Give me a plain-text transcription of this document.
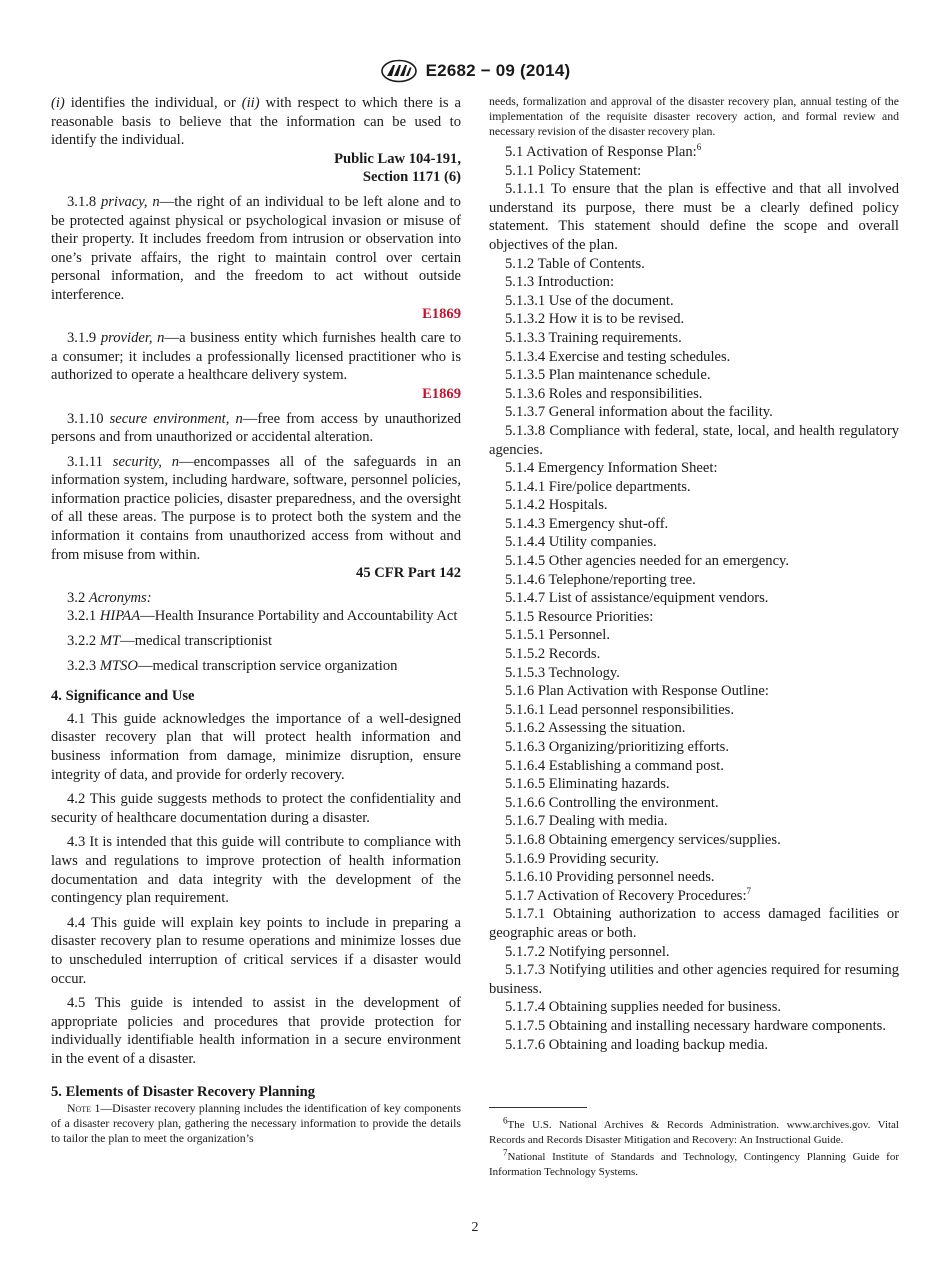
E2682 − 09 (2014)

(i) identifies the individual, or (ii) with respect to which there is a reasonable basis to believe that the information can be used to identify the individual.

Public Law 104-191,
Section 1171 (6)

3.1.8 privacy, n—the right of an individual to be left alone and to be protected against physical or psychological invasion or misuse of their property. It includes freedom from intrusion or observation into one’s private affairs, the right to maintain control over certain personal information, and the freedom to act without outside interference.

E1869

3.1.9 provider, n—a business entity which furnishes health care to a consumer; it includes a professionally licensed practitioner who is authorized to operate a healthcare delivery system.

E1869

3.1.10 secure environment, n—free from access by unauthorized persons and from unauthorized or accidental alteration.

3.1.11 security, n—encompasses all of the safeguards in an information system, including hardware, software, personnel policies, information practice policies, disaster preparedness, and the oversight of all these areas. The purpose is to protect both the system and the information it contains from unauthorized access from without and from misuse from within.

45 CFR Part 142

3.2 Acronyms:

3.2.1 HIPAA—Health Insurance Portability and Accountability Act

3.2.2 MT—medical transcriptionist

3.2.3 MTSO—medical transcription service organization

4. Significance and Use

4.1 This guide acknowledges the importance of a well-designed disaster recovery plan that will protect health information and business information from damage, minimize disruption, ensure integrity of data, and provide for orderly recovery.

4.2 This guide suggests methods to protect the confidentiality and security of healthcare documentation during a disaster.

4.3 It is intended that this guide will contribute to compliance with laws and regulations to improve protection of health information documentation and data integrity with the development of the contingency plan requirement.

4.4 This guide will explain key points to include in preparing a disaster recovery plan to resume operations and minimize losses due to unscheduled interruption of critical services if a disaster would occur.

4.5 This guide is intended to assist in the development of appropriate policies and procedures that provide protection for individually identifiable health information in a secure environment in the event of a disaster.

5. Elements of Disaster Recovery Planning

Note 1—Disaster recovery planning includes the identification of key components of a disaster recovery plan, gathering the necessary information to provide the details to tailor the plan to meet the organization’s

needs, formalization and approval of the disaster recovery plan, annual testing of the implementation of the requisite disaster recovery action, and formal review and necessary revision of the disaster recovery plan.

5.1 Activation of Response Plan:$^6$

5.1.1 Policy Statement:

5.1.1.1 To ensure that the plan is effective and that all involved understand its purpose, there must be a clearly defined policy statement. This statement should define the scope and overall objectives of the plan.

5.1.2 Table of Contents.

5.1.3 Introduction:

5.1.3.1 Use of the document.

5.1.3.2 How it is to be revised.

5.1.3.3 Training requirements.

5.1.3.4 Exercise and testing schedules.

5.1.3.5 Plan maintenance schedule.

5.1.3.6 Roles and responsibilities.

5.1.3.7 General information about the facility.

5.1.3.8 Compliance with federal, state, local, and health regulatory agencies.

5.1.4 Emergency Information Sheet:

5.1.4.1 Fire/police departments.

5.1.4.2 Hospitals.

5.1.4.3 Emergency shut-off.

5.1.4.4 Utility companies.

5.1.4.5 Other agencies needed for an emergency.

5.1.4.6 Telephone/reporting tree.

5.1.4.7 List of assistance/equipment vendors.

5.1.5 Resource Priorities:

5.1.5.1 Personnel.

5.1.5.2 Records.

5.1.5.3 Technology.

5.1.6 Plan Activation with Response Outline:

5.1.6.1 Lead personnel responsibilities.

5.1.6.2 Assessing the situation.

5.1.6.3 Organizing/prioritizing efforts.

5.1.6.4 Establishing a command post.

5.1.6.5 Eliminating hazards.

5.1.6.6 Controlling the environment.

5.1.6.7 Dealing with media.

5.1.6.8 Obtaining emergency services/supplies.

5.1.6.9 Providing security.

5.1.6.10 Providing personnel needs.

5.1.7 Activation of Recovery Procedures:$^7$

5.1.7.1 Obtaining authorization to access damaged facilities or geographic areas or both.

5.1.7.2 Notifying personnel.

5.1.7.3 Notifying utilities and other agencies required for resuming business.

5.1.7.4 Obtaining supplies needed for business.

5.1.7.5 Obtaining and installing necessary hardware components.

5.1.7.6 Obtaining and loading backup media.

$^6$The U.S. National Archives & Records Administration. www.archives.gov. Vital Records and Records Disaster Mitigation and Recovery: An Instructional Guide.

$^7$National Institute of Standards and Technology, Contingency Planning Guide for Information Technology Systems.

2
